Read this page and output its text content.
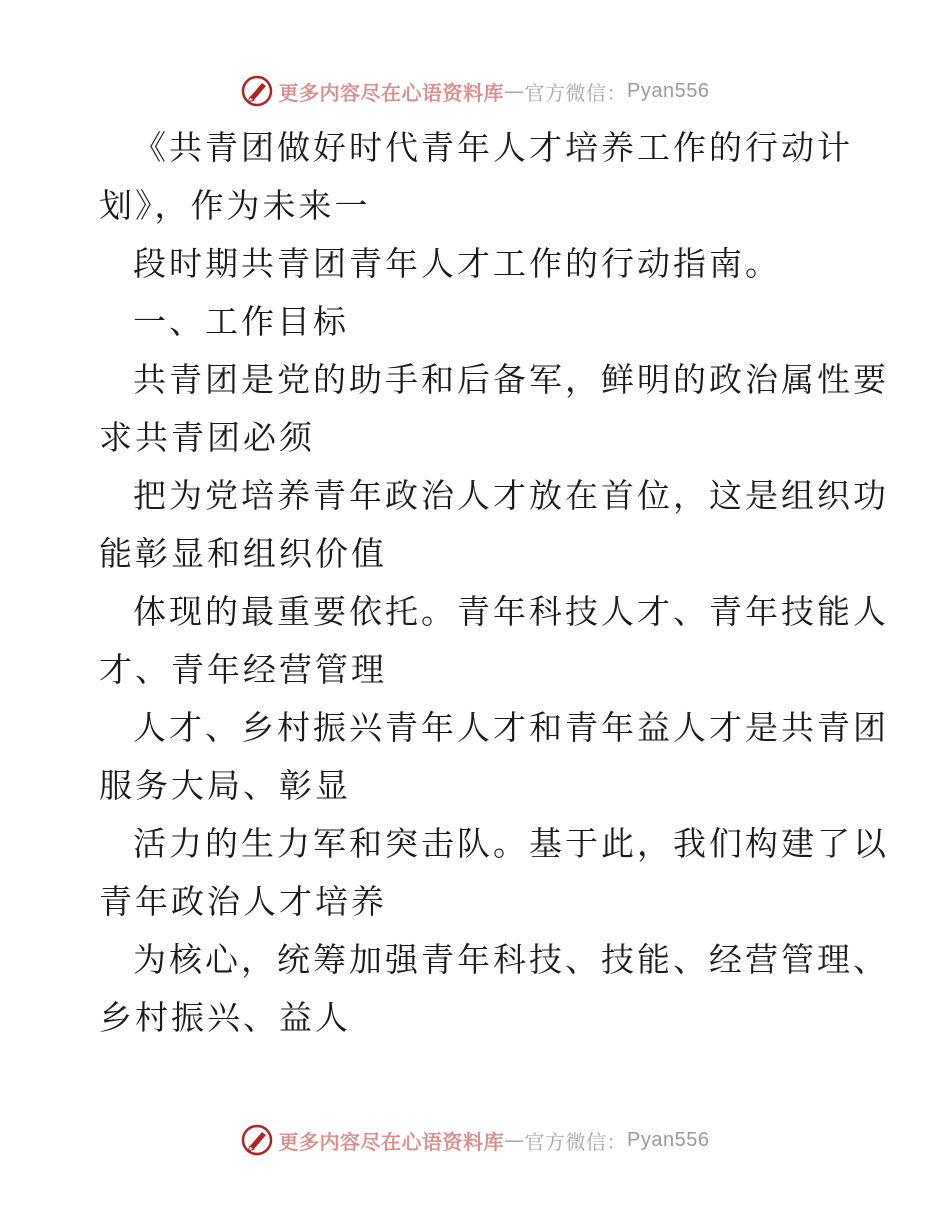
更多内容尽在心语资料库 — 官方微信： Pyan556
《共青团做好时代青年人才培养工作的行动计
划》，作为未来一
段时期共青团青年人才工作的行动指南。
一、工作目标
共青团是党的助手和后备军，鲜明的政治属性要
求共青团必须
把为党培养青年政治人才放在首位，这是组织功
能彰显和组织价值
体现的最重要依托。青年科技人才、青年技能人
才、青年经营管理
人才、乡村振兴青年人才和青年益人才是共青团
服务大局、彰显
活力的生力军和突击队。基于此，我们构建了以
青年政治人才培养
为核心，统筹加强青年科技、技能、经营管理、
乡村振兴、益人
更多内容尽在心语资料库 — 官方微信： Pyan556
